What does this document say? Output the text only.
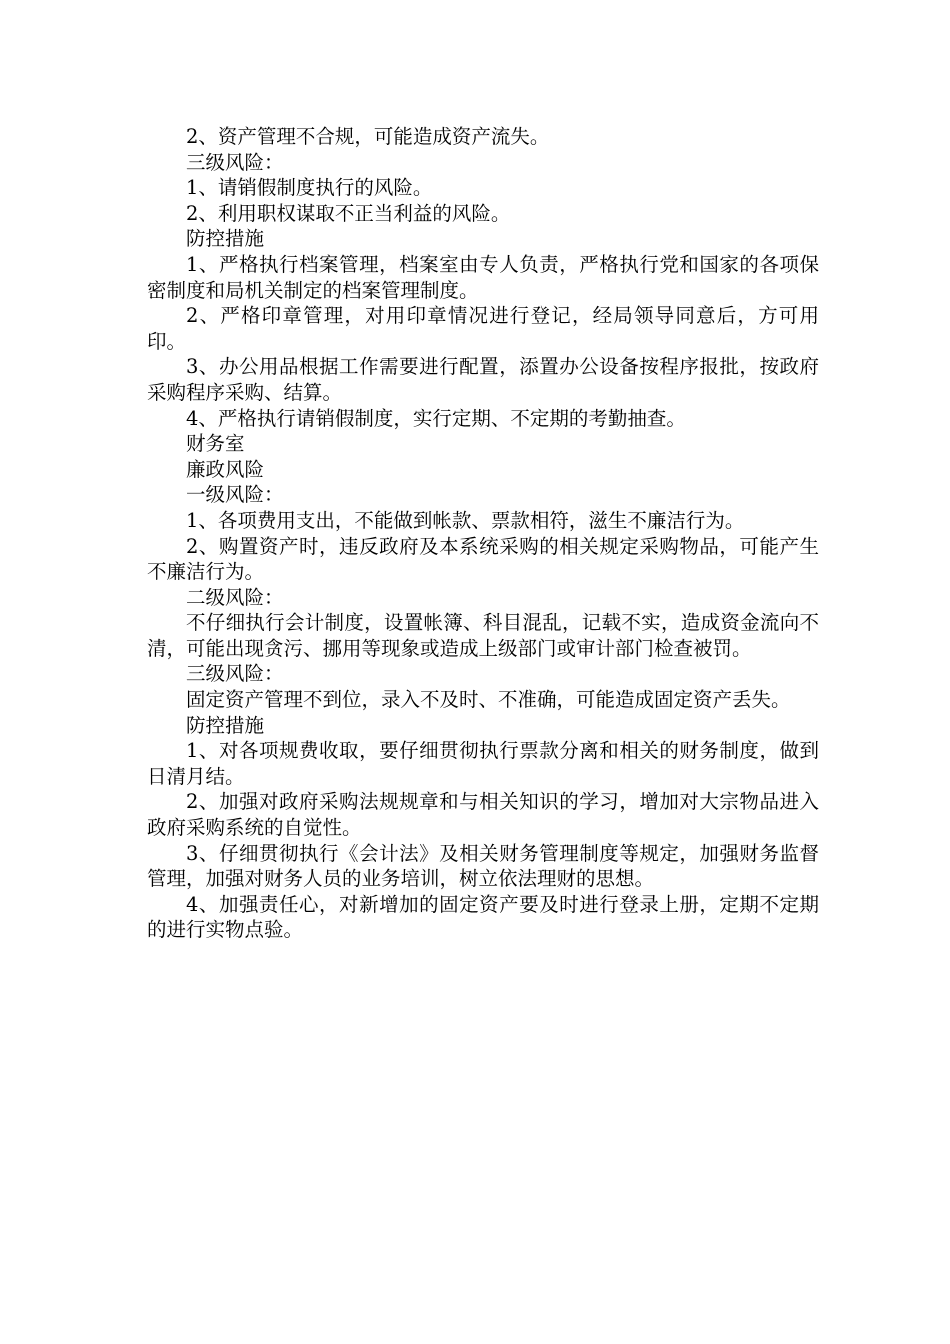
2、资产管理不合规，可能造成资产流失。

三级风险：

1、请销假制度执行的风险。

2、利用职权谋取不正当利益的风险。

防控措施

1、严格执行档案管理，档案室由专人负责，严格执行党和国家的各项保密制度和局机关制定的档案管理制度。

2、严格印章管理，对用印章情况进行登记，经局领导同意后，方可用印。

3、办公用品根据工作需要进行配置，添置办公设备按程序报批，按政府采购程序采购、结算。

4、严格执行请销假制度，实行定期、不定期的考勤抽查。

财务室

廉政风险

一级风险：

1、各项费用支出，不能做到帐款、票款相符，滋生不廉洁行为。

2、购置资产时，违反政府及本系统采购的相关规定采购物品，可能产生不廉洁行为。

二级风险：

不仔细执行会计制度，设置帐簿、科目混乱，记载不实，造成资金流向不清，可能出现贪污、挪用等现象或造成上级部门或审计部门检查被罚。

三级风险：

固定资产管理不到位，录入不及时、不准确，可能造成固定资产丢失。

防控措施

1、对各项规费收取，要仔细贯彻执行票款分离和相关的财务制度，做到日清月结。

2、加强对政府采购法规规章和与相关知识的学习，增加对大宗物品进入政府采购系统的自觉性。

3、仔细贯彻执行《会计法》及相关财务管理制度等规定，加强财务监督管理，加强对财务人员的业务培训，树立依法理财的思想。

4、加强责任心，对新增加的固定资产要及时进行登录上册，定期不定期的进行实物点验。
